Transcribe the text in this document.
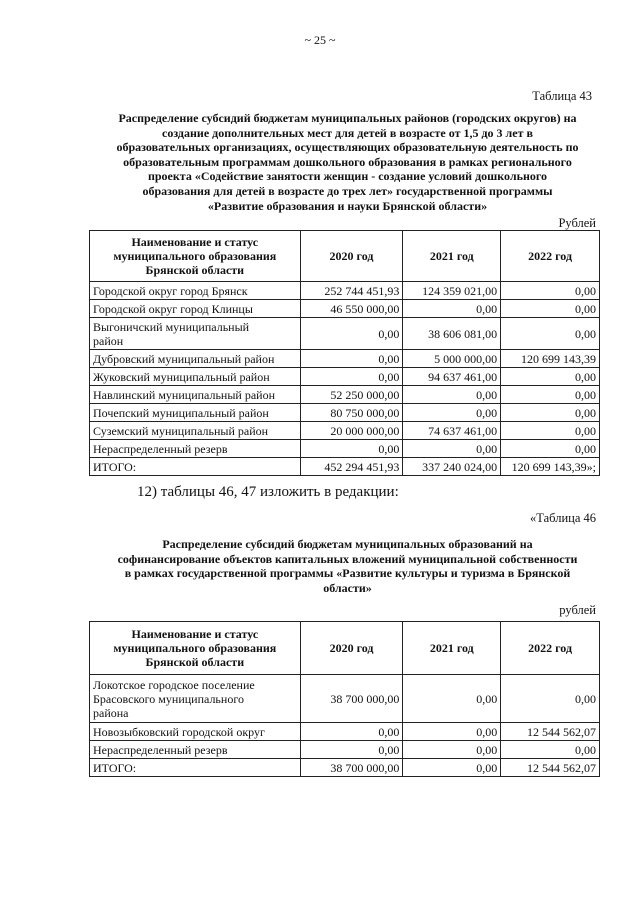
~ 25 ~
Таблица 43
Распределение субсидий бюджетам муниципальных районов (городских округов) на
создание дополнительных мест для детей в возрасте от 1,5 до 3 лет в
образовательных организациях, осуществляющих образовательную деятельность по
образовательным программам дошкольного образования в рамках регионального
проекта «Содействие занятости женщин - создание условий дошкольного
образования для детей в возрасте до трех лет» государственной программы
«Развитие образования и науки Брянской области»
Рублей
Наименование и статус
муниципального образования
Брянской области	2020 год	2021 год	2022 год
Городской округ город Брянск	252 744 451,93	124 359 021,00	0,00
Городской округ город Клинцы	46 550 000,00	0,00	0,00

Выгоничский муниципальный
район	0,00	38 606 081,00	0,00
Дубровский муниципальный район	0,00	5 000 000,00	120 699 143,39
Жуковский муниципальный район	0,00	94 637 461,00	0,00
Навлинский муниципальный район	52 250 000,00	0,00	0,00
Почепский муниципальный район	80 750 000,00	0,00	0,00
Суземский муниципальный район	20 000 000,00	74 637 461,00	0,00
Нераспределенный резерв	0,00	0,00	0,00
ИТОГО:	452 294 451,93	337 240 024,00	120 699 143,39»;
12) таблицы 46, 47 изложить в редакции:
«Таблица 46
Распределение субсидий бюджетам муниципальных образований на
софинансирование объектов капитальных вложений муниципальной собственности
в рамках государственной программы «Развитие культуры и туризма в Брянской
области»
рублей
Наименование и статус
муниципального образования
Брянской области	2020 год	2021 год	2022 год

Локотское городское поселение
Брасовского муниципального
района	38 700 000,00	0,00	0,00
Новозыбковский городской округ	0,00	0,00	12 544 562,07
Нераспределенный резерв	0,00	0,00	0,00
ИТОГО:	38 700 000,00	0,00	12 544 562,07
